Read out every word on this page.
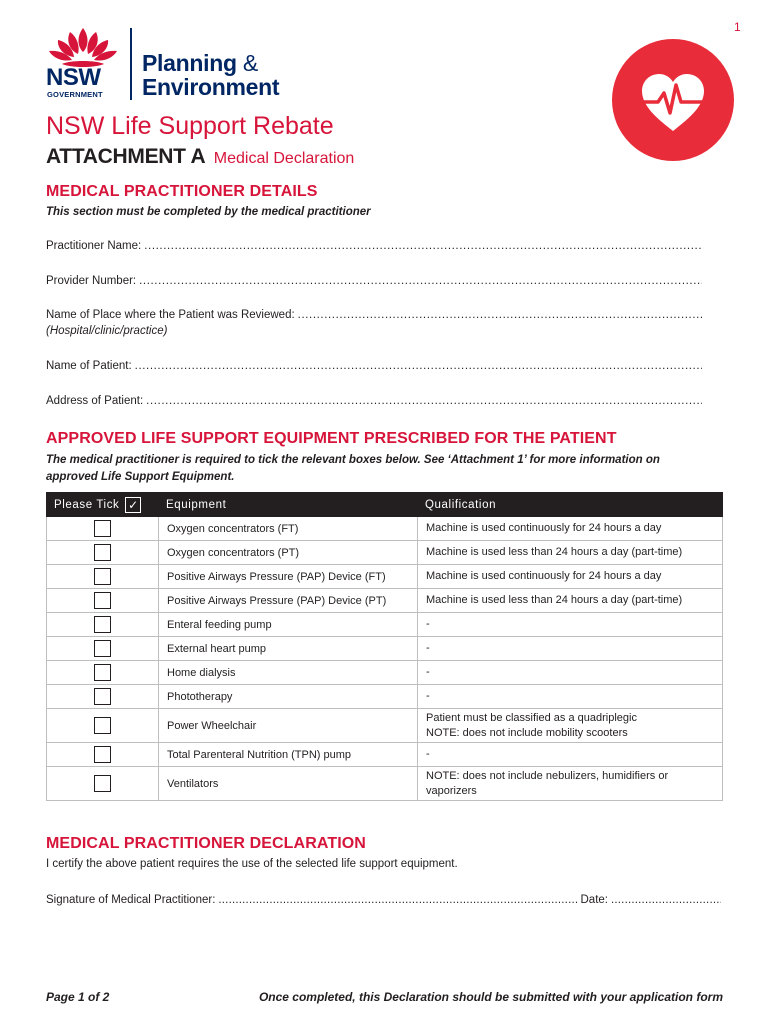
1
NSW
GOVERNMENT
Planning &
Environment
NSW Life Support Rebate
ATTACHMENT A Medical Declaration
MEDICAL PRACTITIONER DETAILS
This section must be completed by the medical practitioner
Practitioner Name:
.....
Provider Number:
.....
Name of Place where the Patient was Reviewed:
.....
(Hospital/clinic/practice)
Name of Patient:
.....
Address of Patient:
.....
APPROVED LIFE SUPPORT EQUIPMENT PRESCRIBED FOR THE PATIENT
The medical practitioner is required to tick the relevant boxes below. See ‘Attachment 1’ for more information on approved Life Support Equipment.
Please Tick ✓	Equipment	Qualification
	Oxygen concentrators (FT)	Machine is used continuously for 24 hours a day
	Oxygen concentrators (PT)	Machine is used less than 24 hours a day (part-time)
	Positive Airways Pressure (PAP) Device (FT)	Machine is used continuously for 24 hours a day
	Positive Airways Pressure (PAP) Device (PT)	Machine is used less than 24 hours a day (part-time)
	Enteral feeding pump	-
	External heart pump	-
	Home dialysis	-
	Phototherapy	-
	Power Wheelchair	Patient must be classified as a quadriplegic
NOTE: does not include mobility scooters

	Total Parenteral Nutrition (TPN) pump	-
	Ventilators	NOTE: does not include nebulizers, humidifiers or
vaporizers
MEDICAL PRACTITIONER DECLARATION
I certify the above patient requires the use of the selected life support equipment.
Signature of Medical Practitioner: .....	Date:
.....
Page 1 of 2	Once completed, this Declaration should be submitted with your application form
